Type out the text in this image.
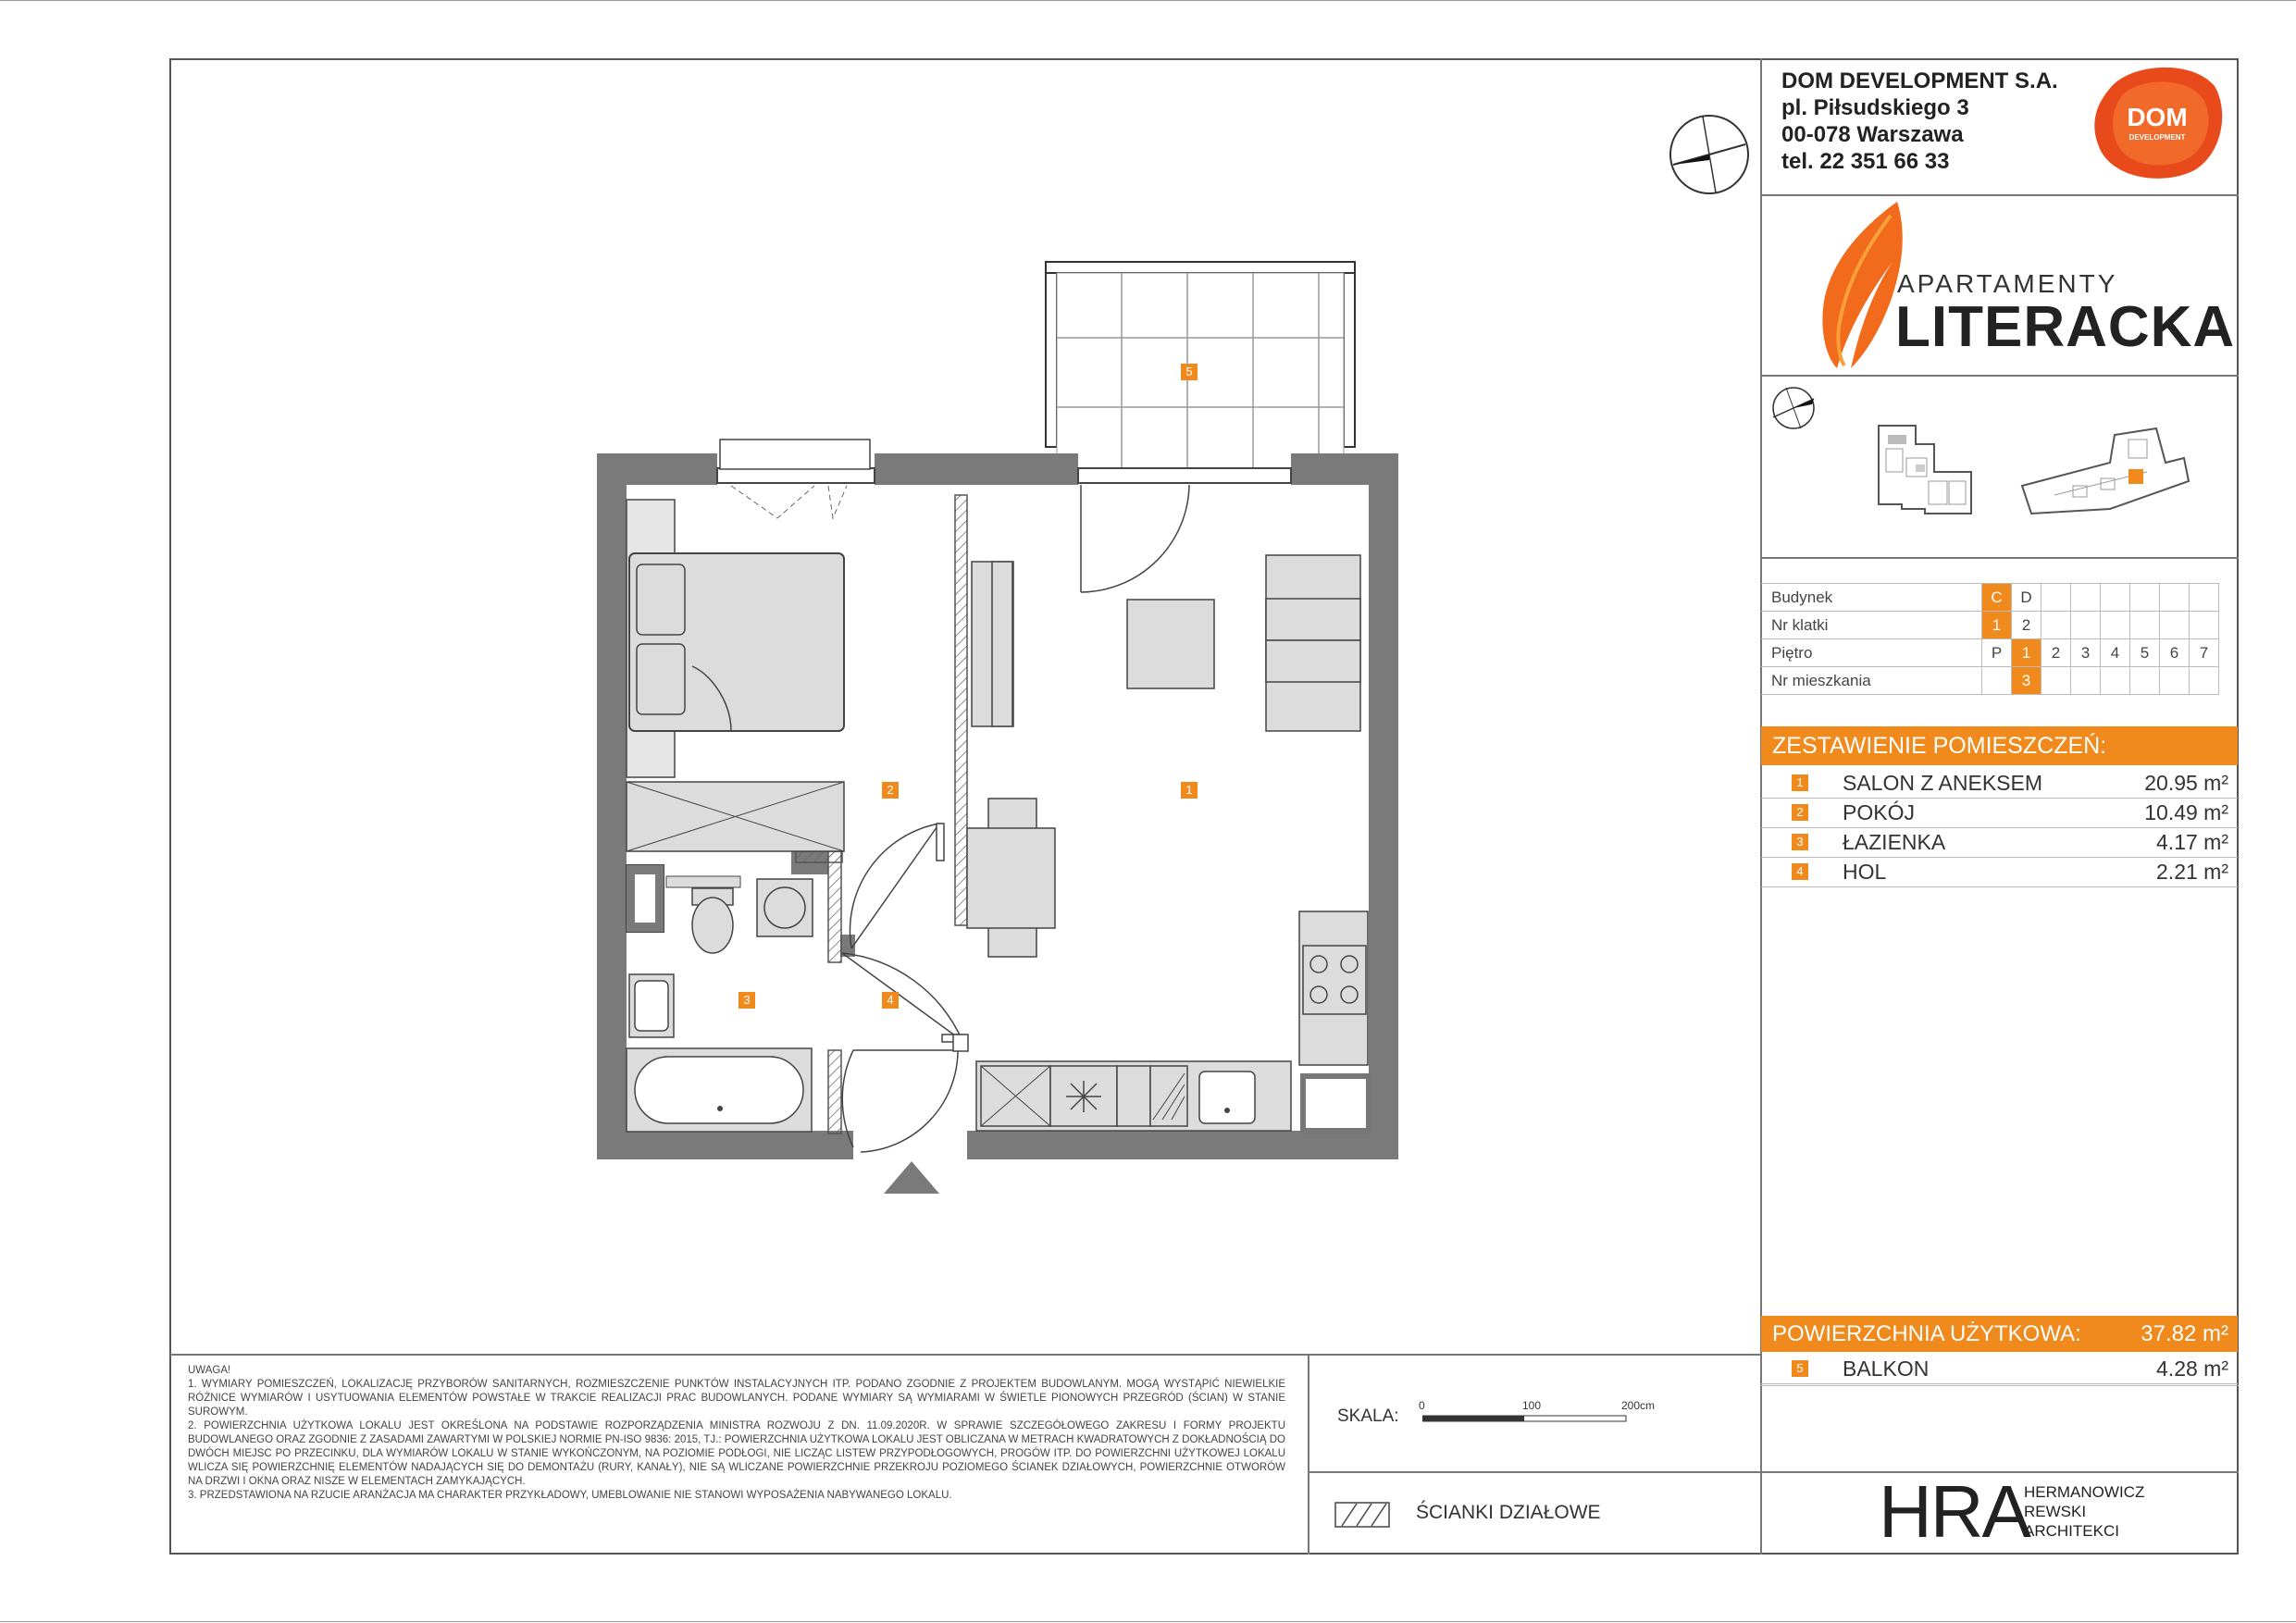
DOM DEVELOPMENT S.A.
pl. Piłsudskiego 3
00-078 Warszawa
tel. 22 351 66 33
DOM
DEVELOPMENT
APARTAMENTY
LITERACKA
Budynek	C	D						
Nr klatki	1	2						
Piętro	P	1	2	3	4	5	6	7
Nr mieszkania		3						
ZESTAWIENIE POMIESZCZEŃ:
1 SALON Z ANEKSEM	20.95 m²
2 POKÓJ	10.49 m²
3 ŁAZIENKA	4.17 m²
4 HOL	2.21 m²
POWIERZCHNIA UŻYTKOWA:	37.82 m²
5 BALKON	4.28 m²

UWAGA!

1. WYMIARY POMIESZCZEŃ, LOKALIZACJĘ PRZYBORÓW SANITARNYCH, ROZMIESZCZENIE PUNKTÓW INSTALACYJNYCH ITP. PODANO ZGODNIE Z PROJEKTEM BUDOWLANYM. MOGĄ WYSTĄPIĆ NIEWIELKIE RÓŻNICE WYMIARÓW I USYTUOWANIA ELEMENTÓW POWSTAŁE W TRAKCIE REALIZACJI PRAC BUDOWLANYCH. PODANE WYMIARY SĄ WYMIARAMI W ŚWIETLE PIONOWYCH PRZEGRÓD (ŚCIAN) W STANIE SUROWYM.

2. POWIERZCHNIA UŻYTKOWA LOKALU JEST OKREŚLONA NA PODSTAWIE ROZPORZĄDZENIA MINISTRA ROZWOJU Z DN. 11.09.2020R. W SPRAWIE SZCZEGÓŁOWEGO ZAKRESU I FORMY PROJEKTU BUDOWLANEGO ORAZ ZGODNIE Z ZASADAMI ZAWARTYMI W POLSKIEJ NORMIE PN-ISO 9836: 2015, TJ.: POWIERZCHNIA UŻYTKOWA LOKALU JEST OBLICZANA W METRACH KWADRATOWYCH Z DOKŁADNOŚCIĄ DO DWÓCH MIEJSC PO PRZECINKU, DLA WYMIARÓW LOKALU W STANIE WYKOŃCZONYM, NA POZIOMIE PODŁOGI, NIE LICZĄC LISTEW PRZYPODŁOGOWYCH, PROGÓW ITP. DO POWIERZCHNI UŻYTKOWEJ LOKALU WLICZA SIĘ POWIERZCHNIĘ ELEMENTÓW NADAJĄCYCH SIĘ DO DEMONTAŻU (RURY, KANAŁY), NIE SĄ WLICZANE POWIERZCHNIE PRZEKROJU POZIOMEGO ŚCIANEK DZIAŁOWYCH, POWIERZCHNIE OTWORÓW NA DRZWI I OKNA ORAZ NISZE W ELEMENTACH ZAMYKAJĄCYCH.

3. PRZEDSTAWIONA NA RZUCIE ARANŻACJA MA CHARAKTER PRZYKŁADOWY, UMEBLOWANIE NIE STANOWI WYPOSAŻENIA NABYWANEGO LOKALU.

SKALA:
0	100	200cm
ŚCIANKI DZIAŁOWE	HRA
HERMANOWICZ
REWSKI
ARCHITEKCI
5
2	1
3	4
